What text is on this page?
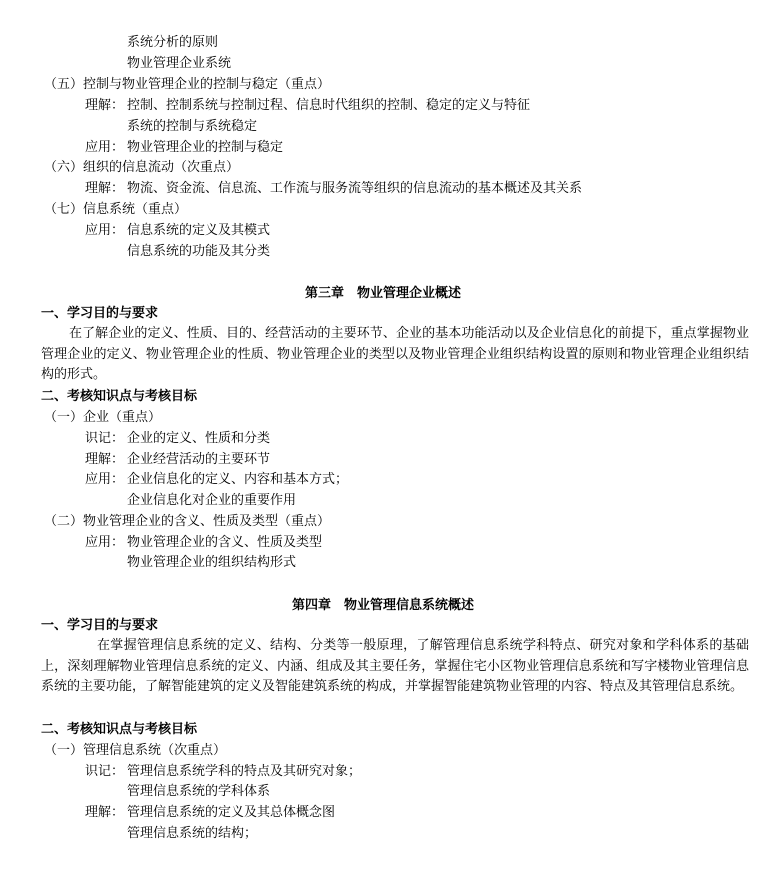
系统分析的原则
物业管理企业系统
（五）控制与物业管理企业的控制与稳定（重点）
理解： 控制、控制系统与控制过程、信息时代组织的控制、稳定的定义与特征
系统的控制与系统稳定
应用： 物业管理企业的控制与稳定
（六）组织的信息流动（次重点）
理解： 物流、资金流、信息流、工作流与服务流等组织的信息流动的基本概述及其关系
（七）信息系统（重点）
应用： 信息系统的定义及其模式
信息系统的功能及其分类
第三章　物业管理企业概述
一、学习目的与要求
在了解企业的定义、性质、目的、经营活动的主要环节、企业的基本功能活动以及企业信息化的前提下，重点掌握物业管理企业的定义、物业管理企业的性质、物业管理企业的类型以及物业管理企业组织结构设置的原则和物业管理企业组织结构的形式。
二、考核知识点与考核目标
（一）企业（重点）
识记： 企业的定义、性质和分类
理解： 企业经营活动的主要环节
应用： 企业信息化的定义、内容和基本方式；
企业信息化对企业的重要作用
（二）物业管理企业的含义、性质及类型（重点）
应用： 物业管理企业的含义、性质及类型
物业管理企业的组织结构形式
第四章　物业管理信息系统概述
一、学习目的与要求
在掌握管理信息系统的定义、结构、分类等一般原理，了解管理信息系统学科特点、研究对象和学科体系的基础上，深刻理解物业管理信息系统的定义、内涵、组成及其主要任务，掌握住宅小区物业管理信息系统和写字楼物业管理信息系统的主要功能，了解智能建筑的定义及智能建筑系统的构成，并掌握智能建筑物业管理的内容、特点及其管理信息系统。
二、考核知识点与考核目标
（一）管理信息系统（次重点）
识记： 管理信息系统学科的特点及其研究对象；
管理信息系统的学科体系
理解： 管理信息系统的定义及其总体概念图
管理信息系统的结构；
